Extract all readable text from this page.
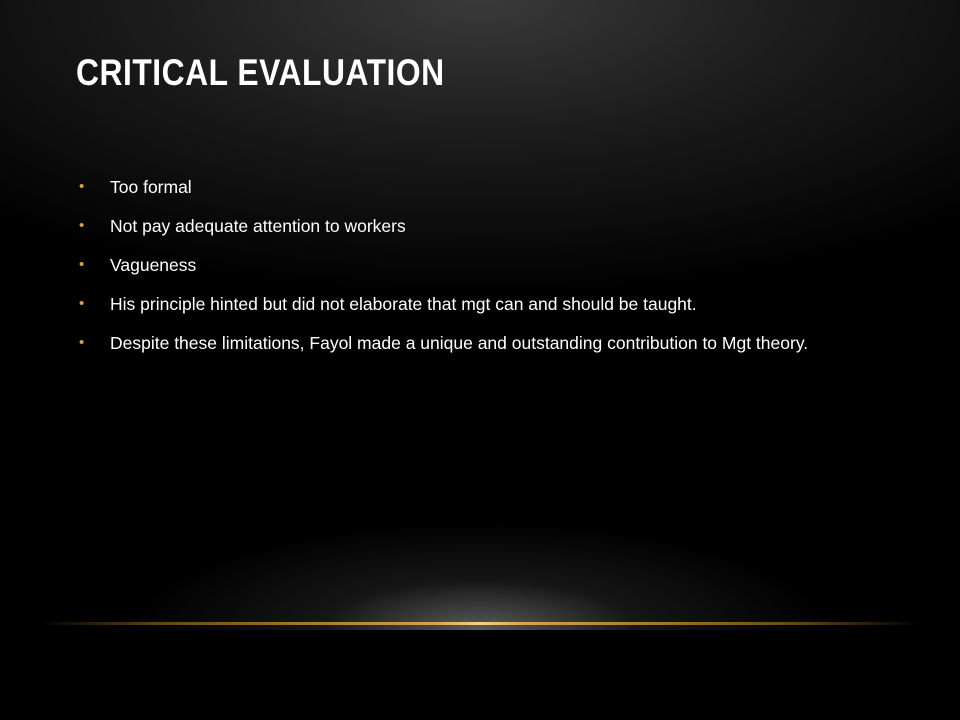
CRITICAL EVALUATION
• Too formal
• Not pay adequate attention to workers
• Vagueness
• His principle hinted but did not elaborate that mgt can and should be taught.
• Despite these limitations, Fayol made a unique and outstanding contribution to Mgt theory.
